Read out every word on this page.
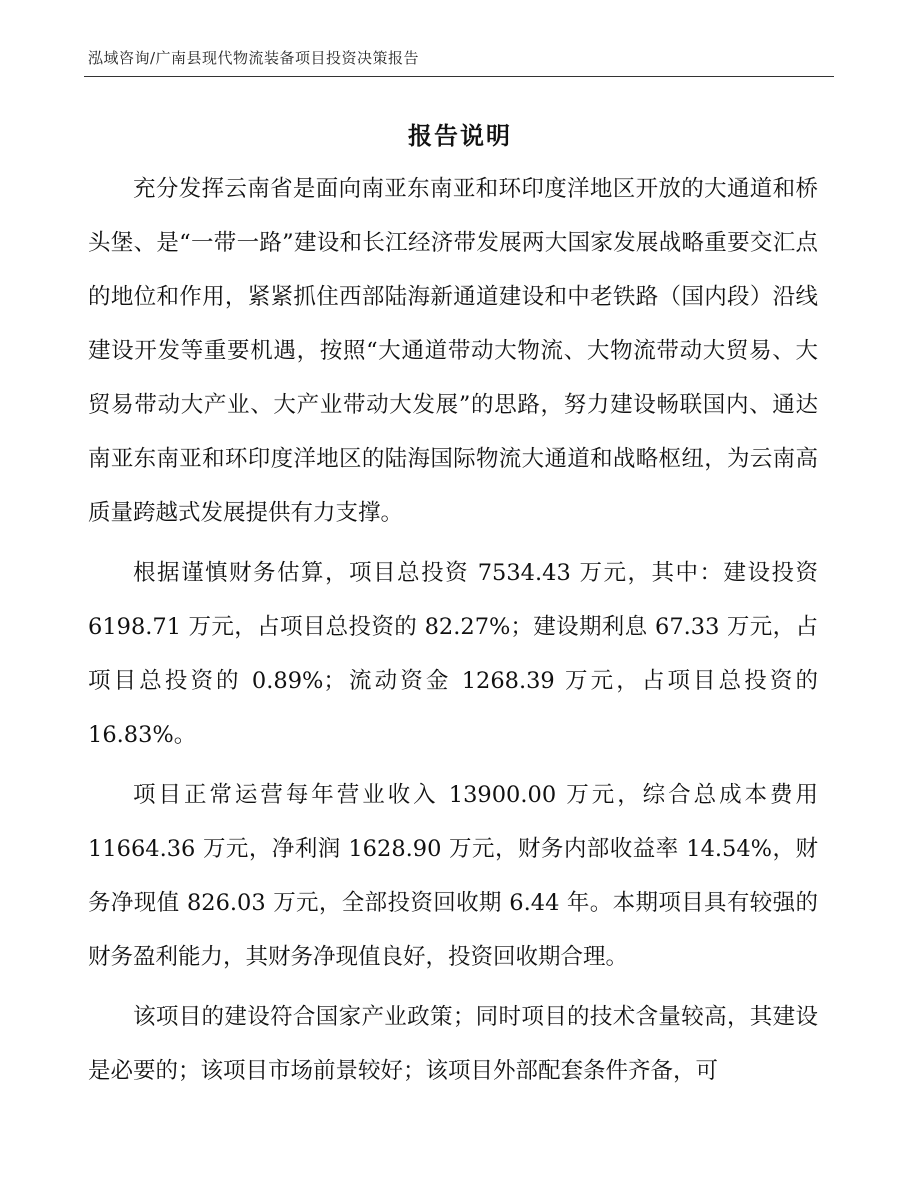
泓域咨询/广南县现代物流装备项目投资决策报告
报告说明

充分发挥云南省是面向南亚东南亚和环印度洋地区开放的大通道和桥头堡、是“一带一路”建设和长江经济带发展两大国家发展战略重要交汇点的地位和作用，紧紧抓住西部陆海新通道建设和中老铁路（国内段）沿线建设开发等重要机遇，按照“大通道带动大物流、大物流带动大贸易、大贸易带动大产业、大产业带动大发展”的思路，努力建设畅联国内、通达南亚东南亚和环印度洋地区的陆海国际物流大通道和战略枢纽，为云南高质量跨越式发展提供有力支撑。

根据谨慎财务估算，项目总投资 7534.43 万元，其中：建设投资 6198.71 万元，占项目总投资的 82.27%；建设期利息 67.33 万元，占项目总投资的 0.89%；流动资金 1268.39 万元，占项目总投资的 16.83%。

项目正常运营每年营业收入 13900.00 万元，综合总成本费用 11664.36 万元，净利润 1628.90 万元，财务内部收益率 14.54%，财务净现值 826.03 万元，全部投资回收期 6.44 年。本期项目具有较强的财务盈利能力，其财务净现值良好，投资回收期合理。

该项目的建设符合国家产业政策；同时项目的技术含量较高，其建设是必要的；该项目市场前景较好；该项目外部配套条件齐备，可
